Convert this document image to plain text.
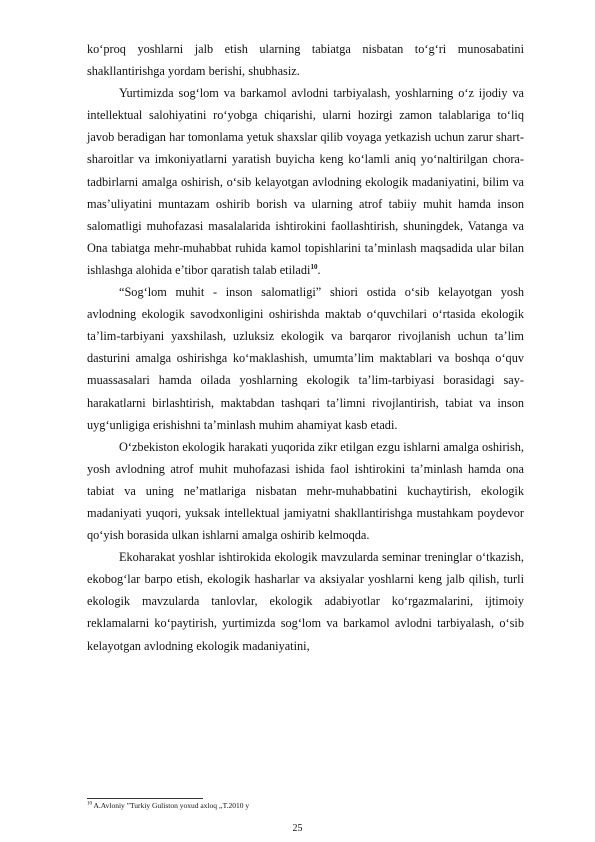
ko‘proq yoshlarni jalb etish ularning tabiatga nisbatan to‘g‘ri munosabatini shakllantirishga yordam berishi, shubhasiz.

Yurtimizda sog‘lom va barkamol avlodni tarbiyalash, yoshlarning o‘z ijodiy va intellektual salohiyatini ro‘yobga chiqarishi, ularni hozirgi zamon talablariga to‘liq javob beradigan har tomonlama yetuk shaxslar qilib voyaga yetkazish uchun zarur shart-sharoitlar va imkoniyatlarni yaratish buyicha keng ko‘lamli aniq yo‘naltirilgan chora-tadbirlarni amalga oshirish, o‘sib kelayotgan avlodning ekologik madaniyatini, bilim va mas’uliyatini muntazam oshirib borish va ularning atrof tabiiy muhit hamda inson salomatligi muhofazasi masalalarida ishtirokini faollashtirish, shuningdek, Vatanga va Ona tabiatga mehr-muhabbat ruhida kamol topishlarini ta’minlash maqsadida ular bilan ishlashga alohida e’tibor qaratish talab etiladi$^{10}$.

“Sog‘lom muhit - inson salomatligi” shiori ostida o‘sib kelayotgan yosh avlodning ekologik savodxonligini oshirishda maktab o‘quvchilari o‘rtasida ekologik ta’lim-tarbiyani yaxshilash, uzluksiz ekologik va barqaror rivojlanish uchun ta’lim dasturini amalga oshirishga ko‘maklashish, umumta’lim maktablari va boshqa o‘quv muassasalari hamda oilada yoshlarning ekologik ta’lim-tarbiyasi borasidagi say-harakatlarni birlashtirish, maktabdan tashqari ta’limni rivojlantirish, tabiat va inson uyg‘unligiga erishishni ta’minlash muhim ahamiyat kasb etadi.

O‘zbekiston ekologik harakati yuqorida zikr etilgan ezgu ishlarni amalga oshirish, yosh avlodning atrof muhit muhofazasi ishida faol ishtirokini ta’minlash hamda ona tabiat va uning ne’matlariga nisbatan mehr-muhabbatini kuchaytirish, ekologik madaniyati yuqori, yuksak intellektual jamiyatni shakllantirishga mustahkam poydevor qo‘yish borasida ulkan ishlarni amalga oshirib kelmoqda.

Ekoharakat yoshlar ishtirokida ekologik mavzularda seminar treninglar o‘tkazish, ekobog‘lar barpo etish, ekologik hasharlar va aksiyalar yoshlarni keng jalb qilish, turli ekologik mavzularda tanlovlar, ekologik adabiyotlar ko‘rgazmalarini, ijtimoiy reklamalarni ko‘paytirish, yurtimizda sog‘lom va barkamol avlodni tarbiyalash, o‘sib kelayotgan avlodning ekologik madaniyatini,

$^{10}$ A.Avloniy ”Turkiy Guliston yoxud axloq ,,T.2010 y

25
